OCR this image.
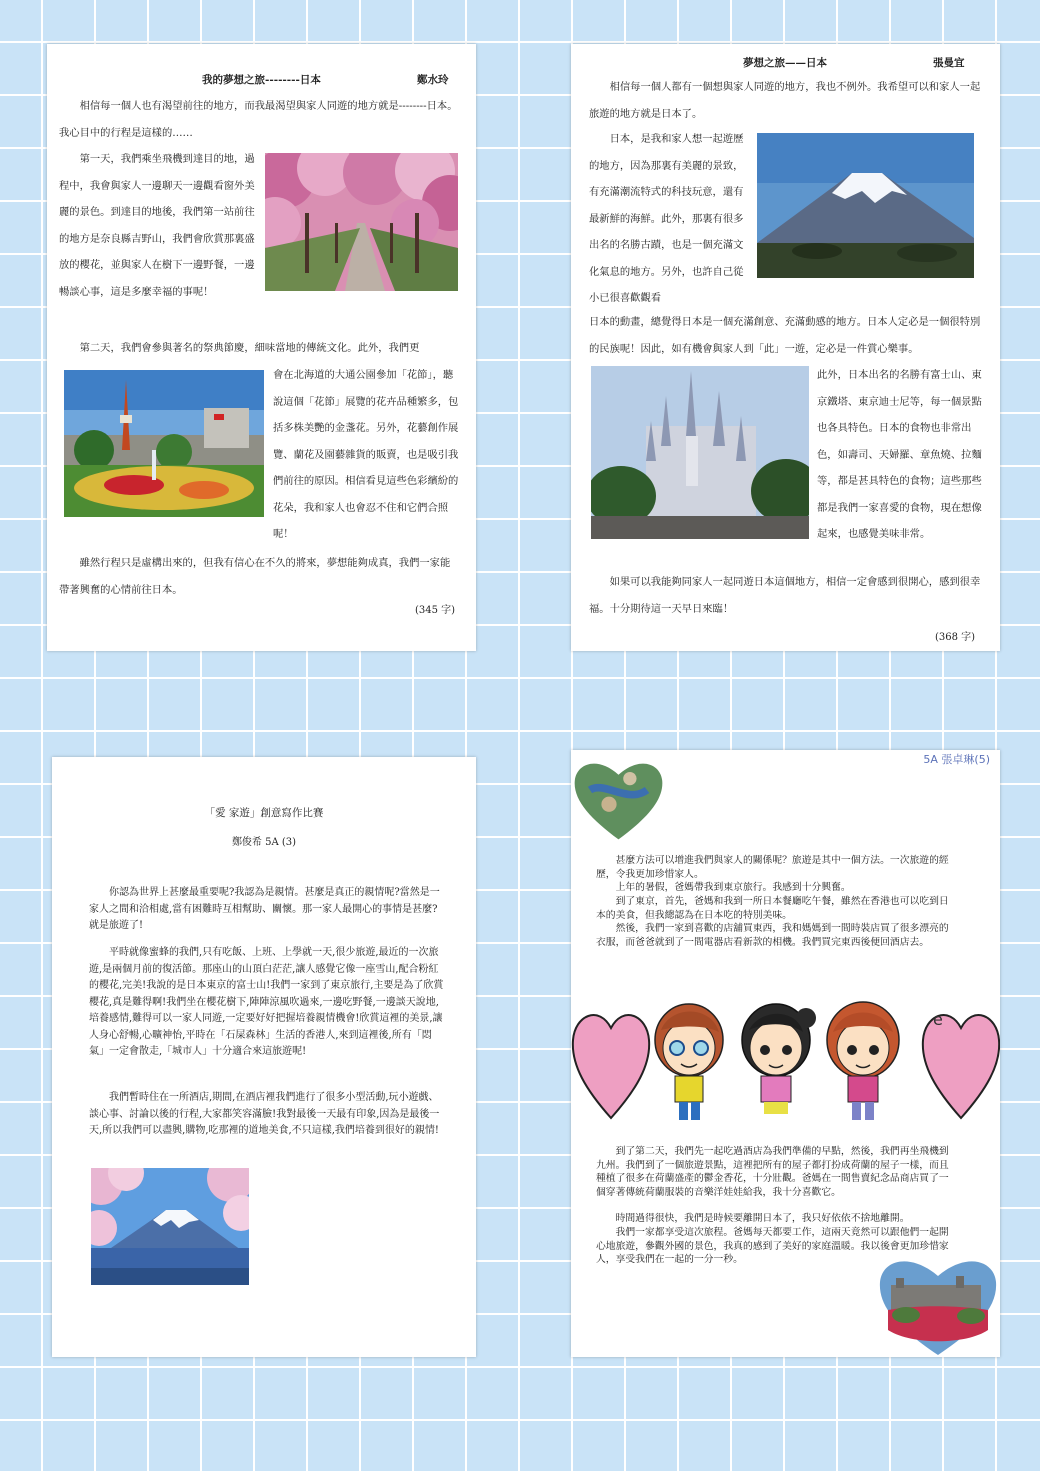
我的夢想之旅--------日本	鄭水玲
相信每一個人也有渴望前往的地方，而我最渴望與家人同遊的地方就是--------日本。我心目中的行程是這樣的……
第一天，我們乘坐飛機到達目的地，過程中，我會與家人一邊聊天一邊觀看窗外美麗的景色。到達目的地後，我們第一站前往的地方是奈良縣吉野山，我們會欣賞那裏盛放的櫻花，並與家人在樹下一邊野餐，一邊暢談心事，這是多麼幸福的事呢！
第二天，我們會參與著名的祭典節慶，細味當地的傳統文化。此外，我們更
會在北海道的大通公園參加「花節」，聽說這個「花節」展覽的花卉品種繁多，包括多株美艷的金盞花。另外，花藝創作展覽、蘭花及園藝雜貨的販賣，也是吸引我們前往的原因。相信看見這些色彩繽紛的花朵，我和家人也會忍不住和它們合照呢！
雖然行程只是虛構出來的，但我有信心在不久的將來，夢想能夠成真，我們一家能帶著興奮的心情前往日本。
(345 字)
夢想之旅——日本	張曼宜
相信每一個人都有一個想與家人同遊的地方，我也不例外。我希望可以和家人一起旅遊的地方就是日本了。
日本，是我和家人想一起遊歷的地方，因為那裏有美麗的景致，有充滿潮流特式的科技玩意，還有最新鮮的海鮮。此外，那裏有很多出名的名勝古蹟，也是一個充滿文化氣息的地方。另外，也許自己從小已很喜歡觀看
日本的動畫，總覺得日本是一個充滿創意、充滿動感的地方。日本人定必是一個很特別的民族呢！因此，如有機會與家人到「此」一遊，定必是一件賞心樂事。
此外，日本出名的名勝有富士山、東京鐵塔、東京迪士尼等，每一個景點也各具特色。日本的食物也非常出色，如壽司、天婦羅、章魚燒、拉麵等，都是甚具特色的食物；這些那些都是我們一家喜愛的食物，現在想像起來，也感覺美味非常。
如果可以我能夠同家人一起同遊日本這個地方，相信一定會感到很開心，感到很幸福。十分期待這一天早日來臨！
(368 字)
「愛 家遊」創意寫作比賽
鄭俊希 5A (3)
你認為世界上甚麼最重要呢?我認為是親情。甚麼是真正的親情呢?當然是一家人之間和洽相處,當有困難時互相幫助、關懷。那一家人最開心的事情是甚麼?就是旅遊了!
平時就像蜜蜂的我們,只有吃飯、上班、上學就一天,很少旅遊,最近的一次旅遊,是兩個月前的復活節。那座山的山頂白茫茫,讓人感覺它像一座雪山,配合粉紅的櫻花,完美!我說的是日本東京的富士山!我們一家到了東京旅行,主要是為了欣賞櫻花,真是難得啊!我們坐在櫻花樹下,陣陣涼風吹過來,一邊吃野餐,一邊談天說地,培養感情,難得可以一家人同遊,一定要好好把握培養親情機會!欣賞這裡的美景,讓人身心舒暢,心曠神怡,平時在「石屎森林」生活的香港人,來到這裡後,所有「悶氣」一定會散走,「城市人」十分適合來這旅遊呢!
我們暫時住在一所酒店,期間,在酒店裡我們進行了很多小型活動,玩小遊戲、談心事、討論以後的行程,大家都笑容滿臉!我對最後一天最有印象,因為是最後一天,所以我們可以盡興,購物,吃那裡的道地美食,不只這樣,我們培養到很好的親情!
5A 張卓琳(5)
甚麼方法可以增進我們與家人的關係呢？旅遊是其中一個方法。一次旅遊的經歷，令我更加珍惜家人。
上年的暑假，爸媽帶我到東京旅行。我感到十分興奮。
到了東京，首先，爸媽和我到一所日本餐廳吃午餐，雖然在香港也可以吃到日本的美食，但我總認為在日本吃的特別美味。
然後，我們一家到喜歡的店舖買東西，我和媽媽到一間時裝店買了很多漂亮的衣服，而爸爸就到了一間電器店看新款的相機。我們買完東西後便回酒店去。
e
到了第二天，我們先一起吃過酒店為我們準備的早點，然後，我們再坐飛機到九州。我們到了一個旅遊景點，這裡把所有的屋子都打扮成荷蘭的屋子一樣，而且種植了很多在荷蘭盛產的鬱金香花，十分壯觀。爸媽在一間售賣紀念品商店買了一個穿著傳統荷蘭服裝的音樂洋娃娃給我，我十分喜歡它。
時間過得很快，我們是時候要離開日本了，我只好依依不捨地離開。
我們一家都享受這次旅程。爸媽每天都要工作，這兩天竟然可以跟他們一起開心地旅遊，參觀外國的景色，我真的感到了美好的家庭溫暖。我以後會更加珍惜家人，享受我們在一起的一分一秒。
